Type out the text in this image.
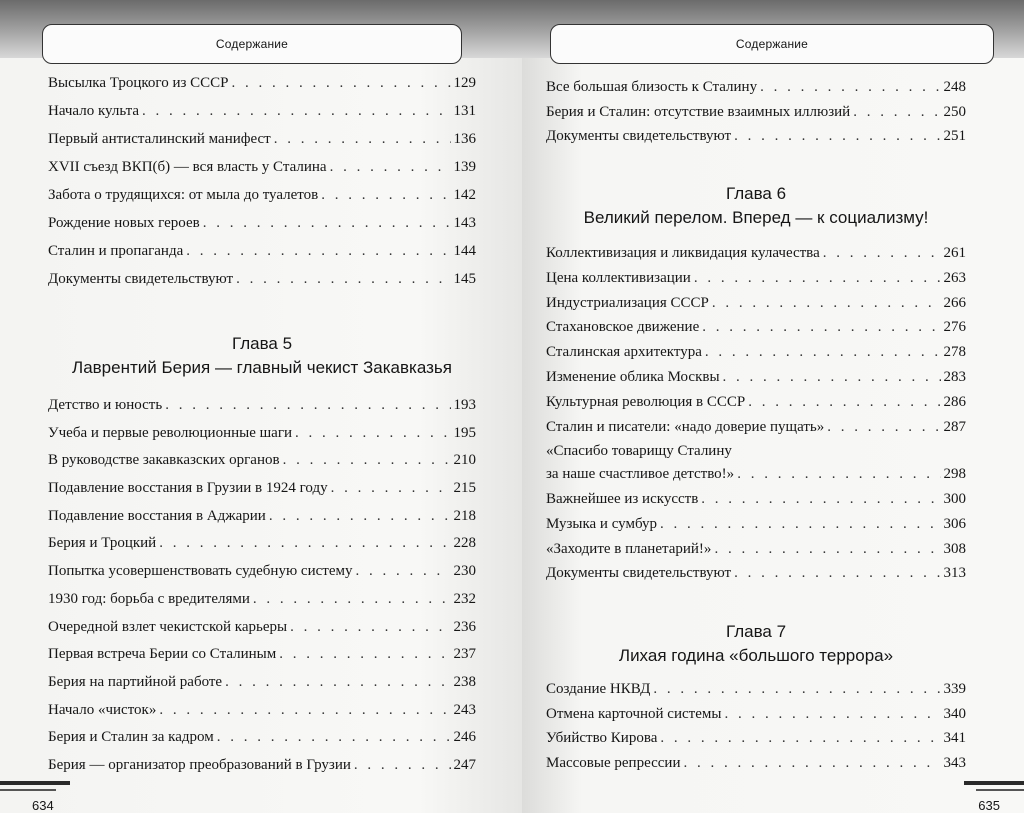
Содержание
Высылка Троцкого из СССР . . .	129
Начало культа . . .	131
Первый антисталинский манифест . . .	136
XVII съезд ВКП(б) — вся власть у Сталина . . .	139
Забота о трудящихся: от мыла до туалетов . . .	142
Рождение новых героев . . .	143
Сталин и пропаганда . . .	144
Документы свидетельствуют . . .	145
Глава 5
Лаврентий Берия — главный чекист Закавказья
Детство и юность . . .	193
Учеба и первые революционные шаги . . .	195
В руководстве закавказских органов . . .	210
Подавление восстания в Грузии в 1924 году . . .	215
Подавление восстания в Аджарии . . .	218
Берия и Троцкий . . .	228
Попытка усовершенствовать судебную систему . . .	230
1930 год: борьба с вредителями . . .	232
Очередной взлет чекистской карьеры . . .	236
Первая встреча Берии со Сталиным . . .	237
Берия на партийной работе . . .	238
Начало «чисток» . . .	243
Берия и Сталин за кадром . . .	246
Берия — организатор преобразований в Грузии . . .	247
634
Содержание
Все большая близость к Сталину . . .	248
Берия и Сталин: отсутствие взаимных иллюзий . . .	250
Документы свидетельствуют . . .	251
Глава 6
Великий перелом. Вперед — к социализму!
Коллективизация и ликвидация кулачества . . .	261
Цена коллективизации . . .	263
Индустриализация СССР . . .	266
Стахановское движение . . .	276
Сталинская архитектура . . .	278
Изменение облика Москвы . . .	283
Культурная революция в СССР . . .	286
Сталин и писатели: «надо доверие пущать» . . .	287
«Спасибо товарищу Сталину
за наше счастливое детство!» . . .	298
Важнейшее из искусств . . .	300
Музыка и сумбур . . .	306
«Заходите в планетарий!» . . .	308
Документы свидетельствуют . . .	313
Глава 7
Лихая година «большого террора»
Создание НКВД . . .	339
Отмена карточной системы . . .	340
Убийство Кирова . . .	341
Массовые репрессии . . .	343
635
